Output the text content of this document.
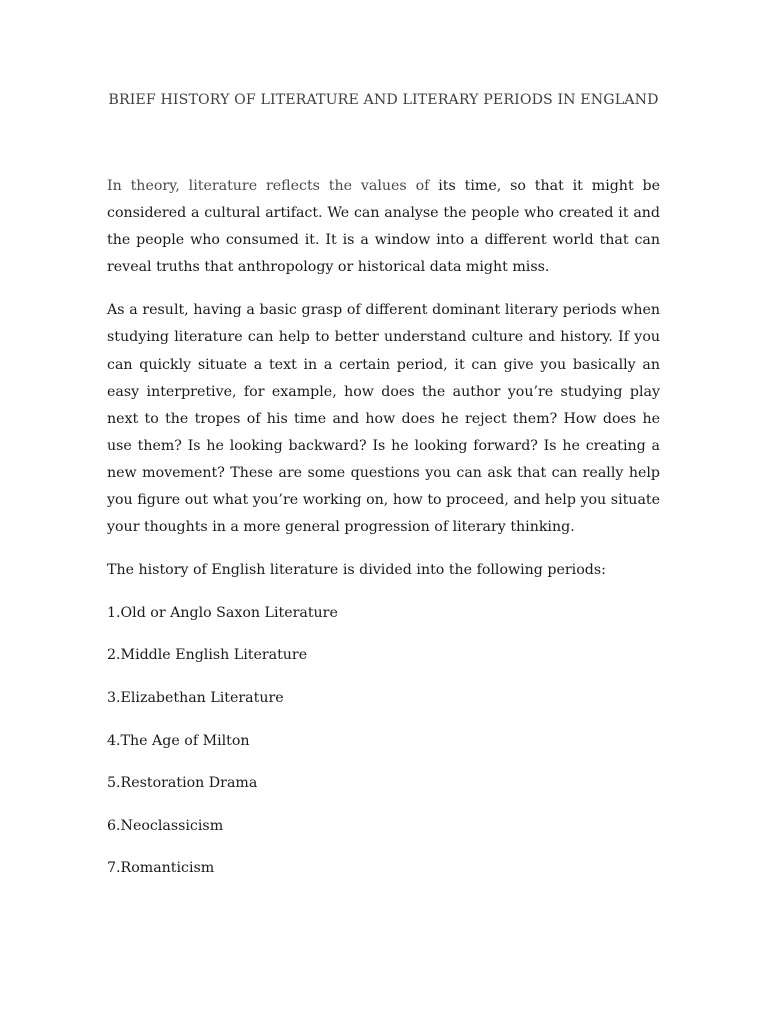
BRIEF HISTORY OF LITERATURE AND LITERARY PERIODS IN ENGLAND

In theory, literature reflects the values of its time, so that it might be considered a cultural artifact. We can analyse the people who created it and the people who consumed it. It is a window into a different world that can reveal truths that anthropology or historical data might miss.

As a result, having a basic grasp of different dominant literary periods when studying literature can help to better understand culture and history. If you can quickly situate a text in a certain period, it can give you basically an easy interpretive, for example, how does the author you’re studying play next to the tropes of his time and how does he reject them? How does he use them? Is he looking backward? Is he looking forward? Is he creating a new movement? These are some questions you can ask that can really help you figure out what you’re working on, how to proceed, and help you situate your thoughts in a more general progression of literary thinking.

The history of English literature is divided into the following periods:

1.Old or Anglo Saxon Literature
2.Middle English Literature
3.Elizabethan Literature
4.The Age of Milton
5.Restoration Drama
6.Neoclassicism
7.Romanticism
